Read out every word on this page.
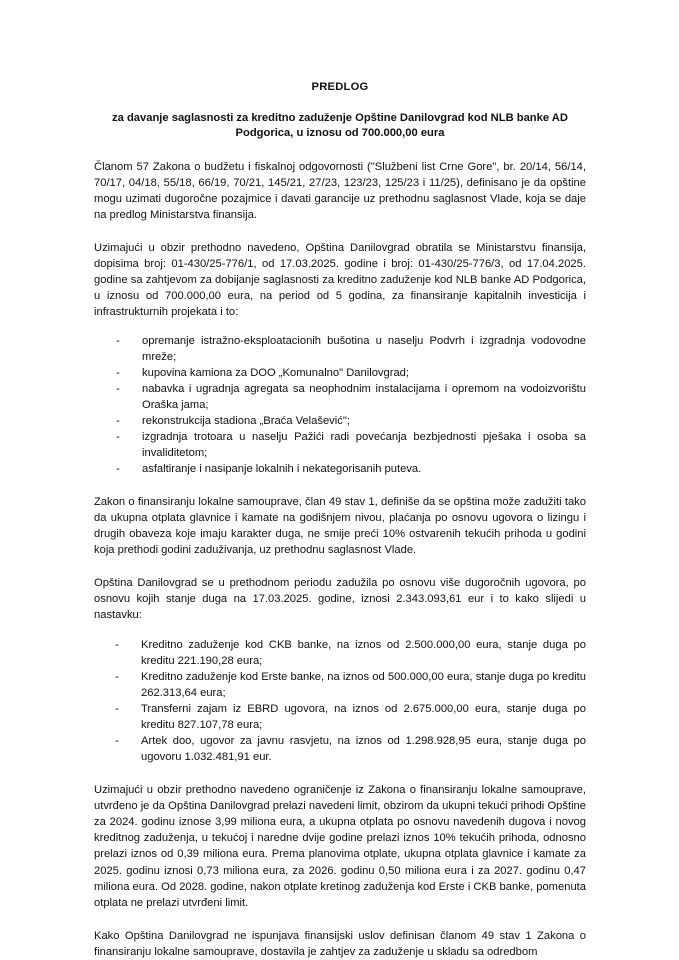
PREDLOG
za davanje saglasnosti za kreditno zaduženje Opštine Danilovgrad kod NLB banke AD Podgorica, u iznosu od 700.000,00 eura

Članom 57 Zakona o budžetu i fiskalnoj odgovornosti ("Službeni list Crne Gore", br. 20/14, 56/14, 70/17, 04/18, 55/18, 66/19, 70/21, 145/21, 27/23, 123/23, 125/23 i 11/25), definisano je da opštine mogu uzimati dugoročne pozajmice i davati garancije uz prethodnu saglasnost Vlade, koja se daje na predlog Ministarstva finansija.

Uzimajući u obzir prethodno navedeno, Opština Danilovgrad obratila se Ministarstvu finansija, dopisima broj: 01-430/25-776/1, od 17.03.2025. godine i broj: 01-430/25-776/3, od 17.04.2025. godine sa zahtjevom za dobijanje saglasnosti za kreditno zaduženje kod NLB banke AD Podgorica, u iznosu od 700.000,00 eura, na period od 5 godina, za finansiranje kapitalnih investicija i infrastrukturnih projekata i to:

- opremanje istražno-eksploatacionih bušotina u naselju Podvrh i izgradnja vodovodne mreže;
- kupovina kamiona za DOO „Komunalno" Danilovgrad;
- nabavka i ugradnja agregata sa neophodnim instalacijama i opremom na vodoizvorištu Oraška jama;
- rekonstrukcija stadiona „Braća Velašević";
- izgradnja trotoara u naselju Pažići radi povećanja bezbjednosti pješaka i osoba sa invaliditetom;
- asfaltiranje i nasipanje lokalnih i nekategorisanih puteva.

Zakon o finansiranju lokalne samouprave, član 49 stav 1, definiše da se opština može zadužiti tako da ukupna otplata glavnice i kamate na godišnjem nivou, plaćanja po osnovu ugovora o lizingu i drugih obaveza koje imaju karakter duga, ne smije preći 10% ostvarenih tekućih prihoda u godini koja prethodi godini zaduživanja, uz prethodnu saglasnost Vlade.

Opština Danilovgrad se u prethodnom periodu zadužila po osnovu više dugoročnih ugovora, po osnovu kojih stanje duga na 17.03.2025. godine, iznosi 2.343.093,61 eur i to kako slijedi u nastavku:

- Kreditno zaduženje kod CKB banke, na iznos od 2.500.000,00 eura, stanje duga po kreditu 221.190,28 eura;
- Kreditno zaduženje kod Erste banke, na iznos od 500.000,00 eura, stanje duga po kreditu 262.313,64 eura;
- Transferni zajam iz EBRD ugovora, na iznos od 2.675.000,00 eura, stanje duga po kreditu 827.107,78 eura;
- Artek doo, ugovor za javnu rasvjetu, na iznos od 1.298.928,95 eura, stanje duga po ugovoru 1.032.481,91 eur.

Uzimajući u obzir prethodno navedeno ograničenje iz Zakona o finansiranju lokalne samouprave, utvrđeno je da Opština Danilovgrad prelazi navedeni limit, obzirom da ukupni tekući prihodi Opštine za 2024. godinu iznose 3,99 miliona eura, a ukupna otplata po osnovu navedenih dugova i novog kreditnog zaduženja, u tekućoj i naredne dvije godine prelazi iznos 10% tekućih prihoda, odnosno prelazi iznos od 0,39 miliona eura. Prema planovima otplate, ukupna otplata glavnice i kamate za 2025. godinu iznosi 0,73 miliona eura, za 2026. godinu 0,50 miliona eura i za 2027. godinu 0,47 miliona eura. Od 2028. godine, nakon otplate kretinog zaduženja kod Erste i CKB banke, pomenuta otplata ne prelazi utvrđeni limit.

Kako Opština Danilovgrad ne ispunjava finansijski uslov definisan članom 49 stav 1 Zakona o finansiranju lokalne samouprave, dostavila je zahtjev za zaduženje u skladu sa odredbom
